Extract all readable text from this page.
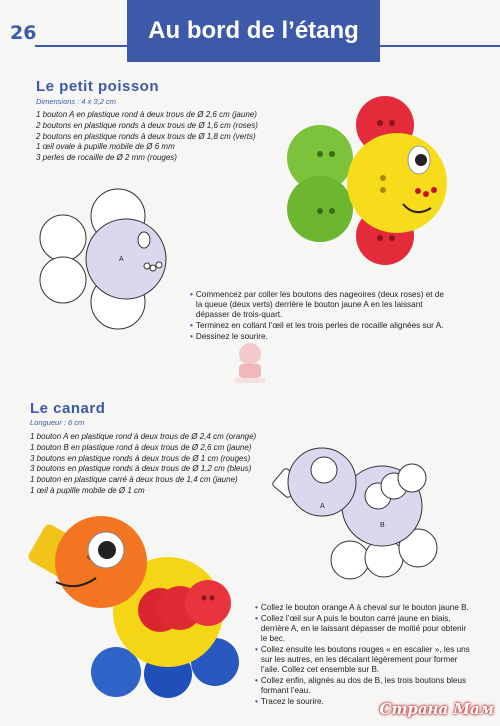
26	Au bord de l’étang
Le petit poisson
Dimensions : 4 x 3,2 cm
1 bouton A en plastique rond à deux trous de Ø 2,6 cm (jaune)
2 boutons en plastique ronds à deux trous de Ø 1,6 cm (roses)
2 boutons en plastique ronds à deux trous de Ø 1,8 cm (verts)
1 œil ovale à pupille mobile de Ø 6 mm
3 perles de rocaille de Ø 2 mm (rouges)
A
• Commencez par coller les boutons des nageoires (deux roses) et de la queue (deux verts) derrière le bouton jaune A en les laissant dépasser de trois-quart.
• Terminez en collant l’œil et les trois perles de rocaille alignées sur A.
• Dessinez le sourire.
Le canard
Longueur : 6 cm
1 bouton A en plastique rond à deux trous de Ø 2,4 cm (orange)
1 bouton B en plastique rond à deux trous de Ø 2,6 cm (jaune)
3 boutons en plastique ronds à deux trous de Ø 1 cm (rouges)
3 boutons en plastique ronds à deux trous de Ø 1,2 cm (bleus)
1 bouton en plastique carré à deux trous de 1,4 cm (jaune)
1 œil à pupille mobile de Ø 1 cm
A
B
• Collez le bouton orange A à cheval sur le bouton jaune B.
• Collez l’œil sur A puis le bouton carré jaune en biais, derrière A, en le laissant dépasser de moitié pour obtenir le bec.
• Collez ensuite les boutons rouges « en escalier », les uns sur les autres, en les décalant légèrement pour former l’aile. Collez cet ensemble sur B.
• Collez enfin, alignés au dos de B, les trois boutons bleus formant l’eau.
• Tracez le sourire.	Страна Мам
